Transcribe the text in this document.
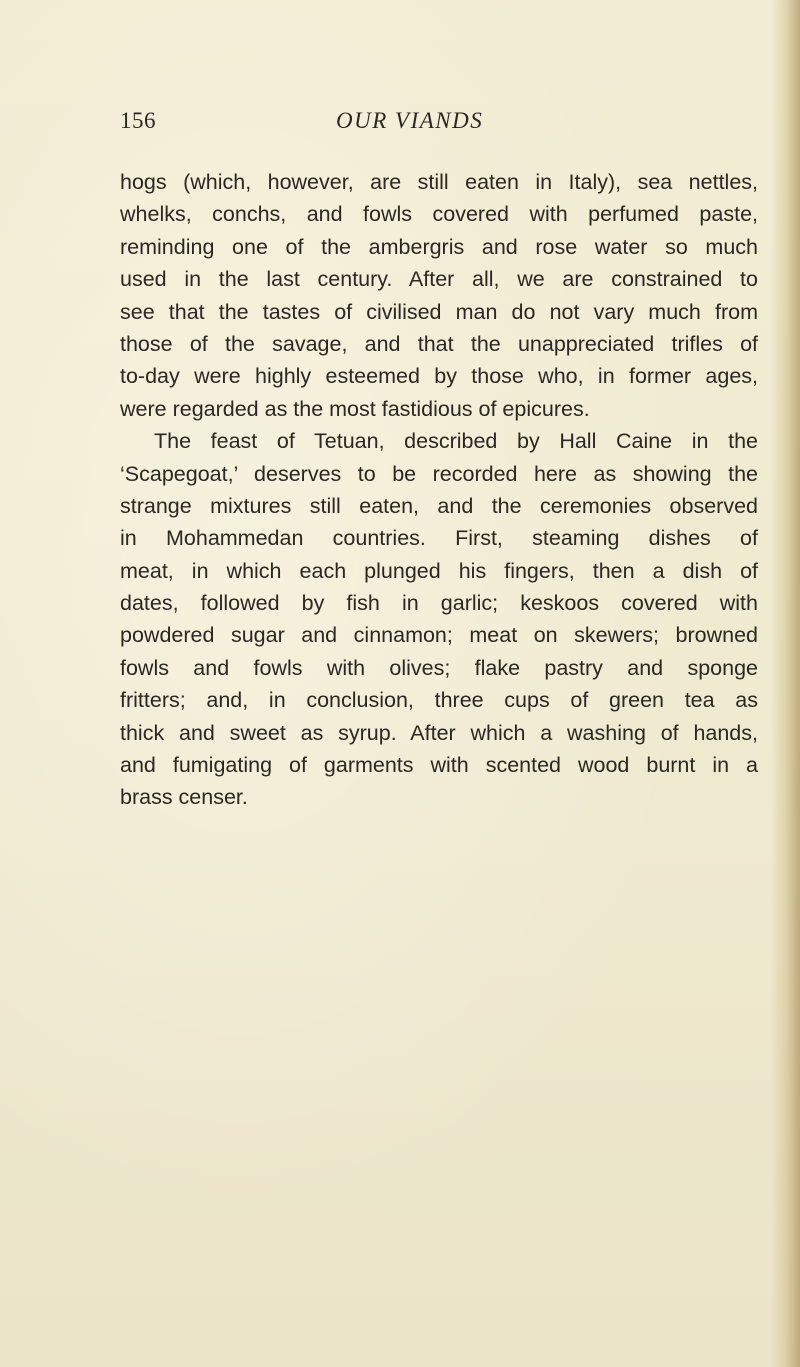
156	OUR VIANDS
hogs (which, however, are still eaten in Italy), sea nettles,
whelks, conchs, and fowls covered with perfumed paste,
reminding one of the ambergris and rose water so much
used in the last century. After all, we are constrained to
see that the tastes of civilised man do not vary much from
those of the savage, and that the unappreciated trifles of
to-day were highly esteemed by those who, in former ages,
were regarded as the most fastidious of epicures.
The feast of Tetuan, described by Hall Caine in the
‘Scapegoat,’ deserves to be recorded here as showing the
strange mixtures still eaten, and the ceremonies observed
in Mohammedan countries. First, steaming dishes of
meat, in which each plunged his fingers, then a dish of
dates, followed by fish in garlic; keskoos covered with
powdered sugar and cinnamon; meat on skewers; browned
fowls and fowls with olives; flake pastry and sponge
fritters; and, in conclusion, three cups of green tea as
thick and sweet as syrup. After which a washing of hands,
and fumigating of garments with scented wood burnt in a
brass censer.
